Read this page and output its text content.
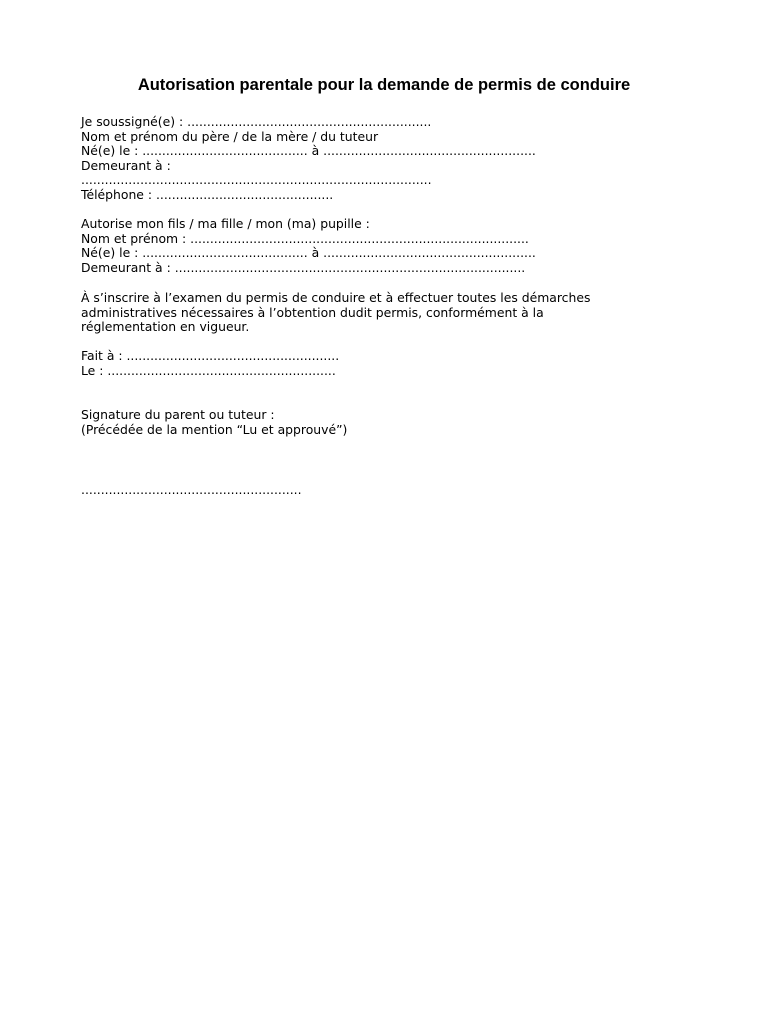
Autorisation parentale pour la demande de permis de conduire
Je soussigné(e) : ..............................................................
Nom et prénom du père / de la mère / du tuteur
Né(e) le : .......................................... à ......................................................
Demeurant à :
.........................................................................................
Téléphone : .............................................
Autorise mon fils / ma fille / mon (ma) pupille :
Nom et prénom : ......................................................................................
Né(e) le : .......................................... à ......................................................
Demeurant à : .........................................................................................
À s’inscrire à l’examen du permis de conduire et à effectuer toutes les démarches
administratives nécessaires à l’obtention dudit permis, conformément à la
réglementation en vigueur.
Fait à : ......................................................
Le : ..........................................................
Signature du parent ou tuteur :
(Précédée de la mention “Lu et approuvé”)
........................................................
